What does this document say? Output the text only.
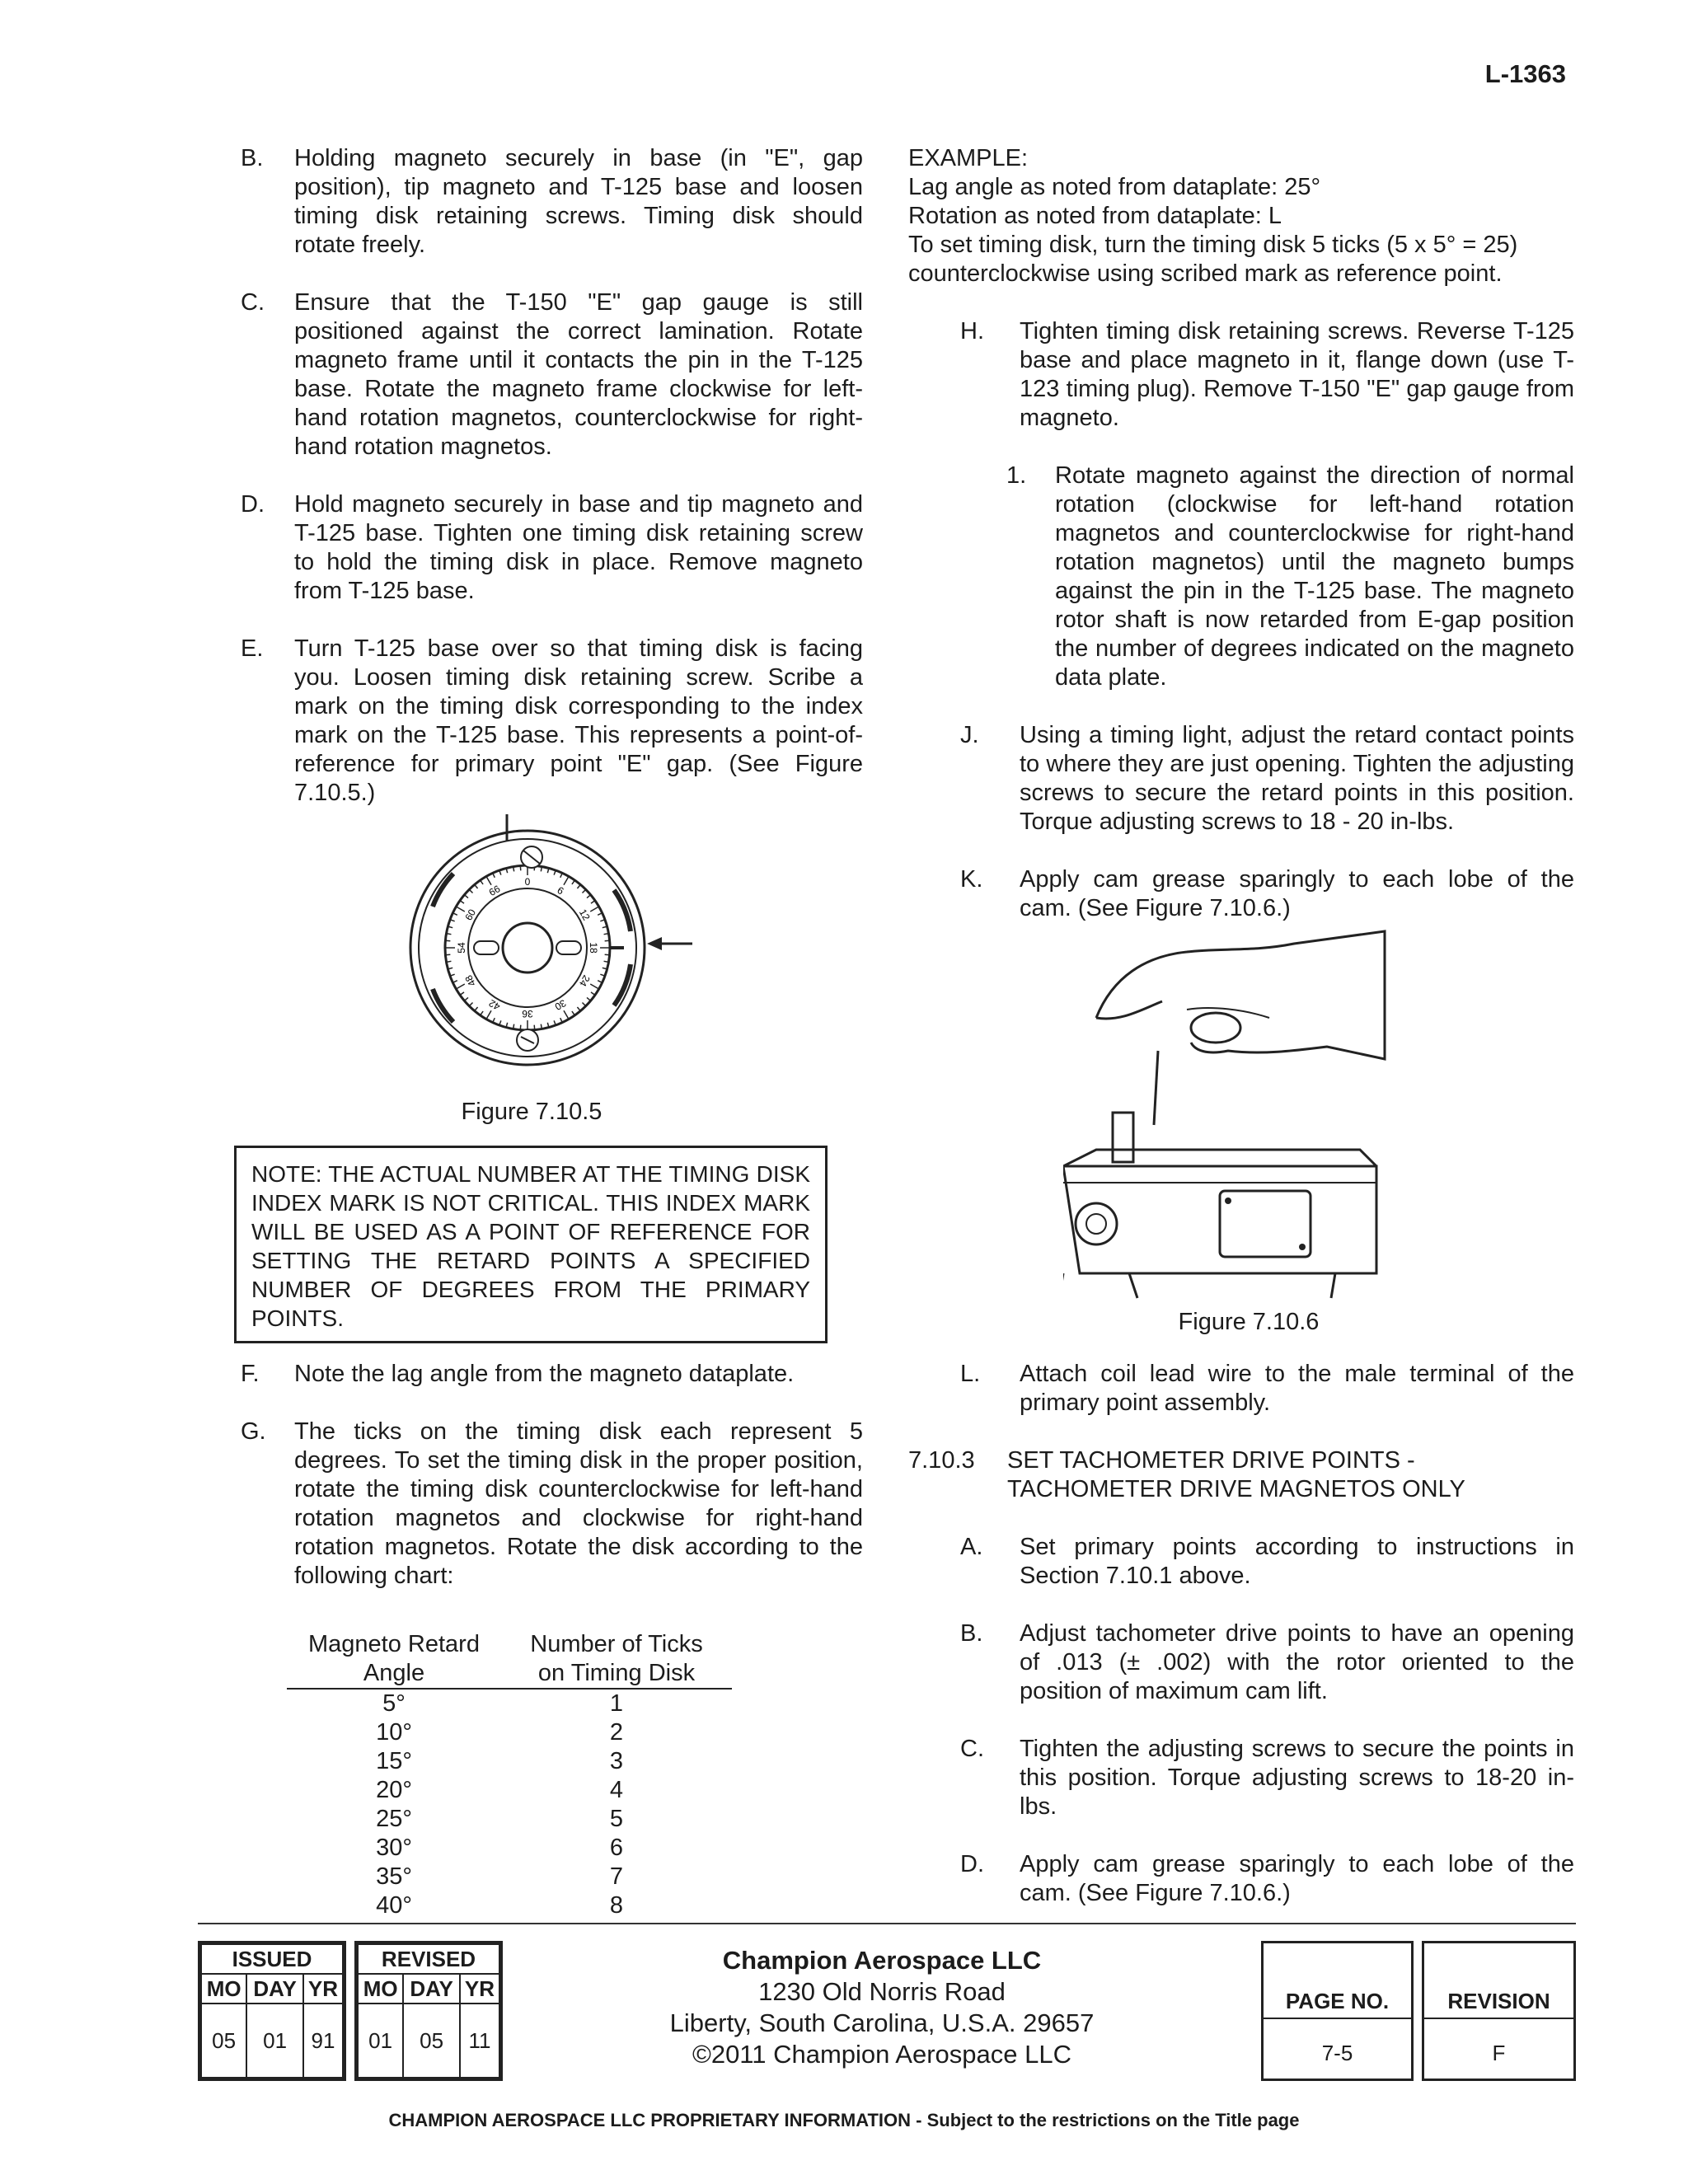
L-1363
B. Holding magneto securely in base (in "E", gap position), tip magneto and T-125 base and loosen timing disk retaining screws. Timing disk should rotate freely.
C. Ensure that the T-150 "E" gap gauge is still positioned against the correct lamination. Rotate magneto frame until it contacts the pin in the T-125 base. Rotate the magneto frame clockwise for left-hand rotation magnetos, counterclockwise for right-hand rotation magnetos.
D. Hold magneto securely in base and tip magneto and T-125 base. Tighten one timing disk retaining screw to hold the timing disk in place. Remove magneto from T-125 base.
E. Turn T-125 base over so that timing disk is facing you. Loosen timing disk retaining screw. Scribe a mark on the timing disk corresponding to the index mark on the T-125 base. This represents a point-of-reference for primary point "E" gap. (See Figure 7.10.5.)
0
6
12
18
24
30
36
42
48
54
60
66
Figure 7.10.5
NOTE: THE ACTUAL NUMBER AT THE TIMING DISK INDEX MARK IS NOT CRITICAL. THIS INDEX MARK WILL BE USED AS A POINT OF REFERENCE FOR SETTING THE RETARD POINTS A SPECIFIED NUMBER OF DEGREES FROM THE PRIMARY POINTS.
F. Note the lag angle from the magneto dataplate.
G. The ticks on the timing disk each represent 5 degrees. To set the timing disk in the proper position, rotate the timing disk counterclockwise for left-hand rotation magnetos and clockwise for right-hand rotation magnetos. Rotate the disk according to the following chart:
Magneto Retard	Number of Ticks
Angle	on Timing Disk
5°	1
10°	2
15°	3
20°	4
25°	5
30°	6
35°	7
40°	8
EXAMPLE:
Lag angle as noted from dataplate: 25°
Rotation as noted from dataplate: L
To set timing disk, turn the timing disk 5 ticks (5 x 5° = 25)
counterclockwise using scribed mark as reference point.
H. Tighten timing disk retaining screws. Reverse T-125 base and place magneto in it, flange down (use T-123 timing plug). Remove T-150 "E" gap gauge from magneto.
1. Rotate magneto against the direction of normal rotation (clockwise for left-hand rotation magnetos and counterclockwise for right-hand rotation magnetos) until the magneto bumps against the pin in the T-125 base. The magneto rotor shaft is now retarded from E-gap position the number of degrees indicated on the magneto data plate.
J. Using a timing light, adjust the retard contact points to where they are just opening. Tighten the adjusting screws to secure the retard points in this position. Torque adjusting screws to 18 - 20 in-lbs.
K. Apply cam grease sparingly to each lobe of the cam. (See Figure 7.10.6.)
Figure 7.10.6
L. Attach coil lead wire to the male terminal of the primary point assembly.
7.10.3 SET TACHOMETER DRIVE POINTS -
TACHOMETER DRIVE MAGNETOS ONLY
A. Set primary points according to instructions in Section 7.10.1 above.
B. Adjust tachometer drive points to have an opening of .013 (± .002) with the rotor oriented to the position of maximum cam lift.
C. Tighten the adjusting screws to secure the points in this position. Torque adjusting screws to 18-20 in-lbs.
D. Apply cam grease sparingly to each lobe of the cam. (See Figure 7.10.6.)
ISSUED		
MO	DAY	YR
05	01	91
REVISED		
MO	DAY	YR
01	05	11
Champion Aerospace LLC
1230 Old Norris Road
Liberty, South Carolina, U.S.A. 29657
©2011 Champion Aerospace LLC
PAGE NO.
7-5
REVISION
F
CHAMPION AEROSPACE LLC PROPRIETARY INFORMATION - Subject to the restrictions on the Title page
